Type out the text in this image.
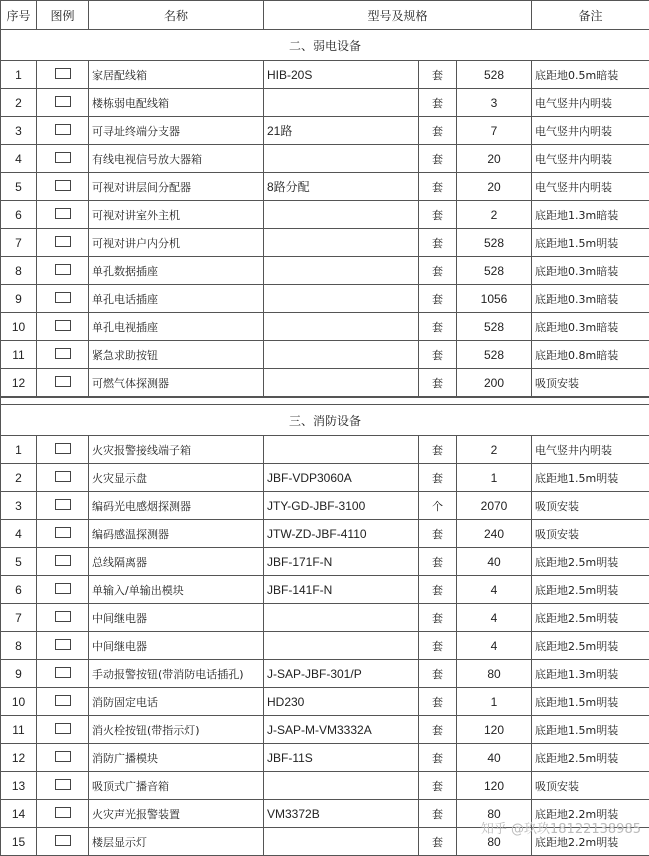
序号	图例	名称	型号及规格			备注
二、弱电设备						
1		家居配线箱	HIB-20S	套	528	底距地0.5m暗装
2		楼栋弱电配线箱		套	3	电气竖井内明装
3		可寻址终端分支器	21路	套	7	电气竖井内明装
4		有线电视信号放大器箱		套	20	电气竖井内明装
5		可视对讲层间分配器	8路分配	套	20	电气竖井内明装
6		可视对讲室外主机		套	2	底距地1.3m暗装
7		可视对讲户内分机		套	528	底距地1.5m明装
8		单孔数据插座		套	528	底距地0.3m暗装
9		单孔电话插座		套	1056	底距地0.3m暗装
10		单孔电视插座		套	528	底距地0.3m暗装
11		紧急求助按钮		套	528	底距地0.8m暗装
12		可燃气体探测器		套	200	吸顶安装

三、消防设备						
1		火灾报警接线端子箱		套	2	电气竖井内明装
2		火灾显示盘	JBF-VDP3060A	套	1	底距地1.5m明装
3		编码光电感烟探测器	JTY-GD-JBF-3100	个	2070	吸顶安装
4		编码感温探测器	JTW-ZD-JBF-4110	套	240	吸顶安装
5		总线隔离器	JBF-171F-N	套	40	底距地2.5m明装
6		单输入/单输出模块	JBF-141F-N	套	4	底距地2.5m明装
7		中间继电器		套	4	底距地2.5m明装
8		中间继电器		套	4	底距地2.5m明装
9		手动报警按钮(带消防电话插孔)	J-SAP-JBF-301/P	套	80	底距地1.3m明装
10		消防固定电话	HD230	套	1	底距地1.5m明装
11		消火栓按钮(带指示灯)	J-SAP-M-VM3332A	套	120	底距地1.5m明装
12		消防广播模块	JBF-11S	套	40	底距地2.5m明装
13		吸顶式广播音箱		套	120	吸顶安装
14		火灾声光报警装置	VM3372B	套	80	底距地2.2m明装
15		楼层显示灯		套	80	底距地2.2m明装
知乎 @玖玖18122138985
